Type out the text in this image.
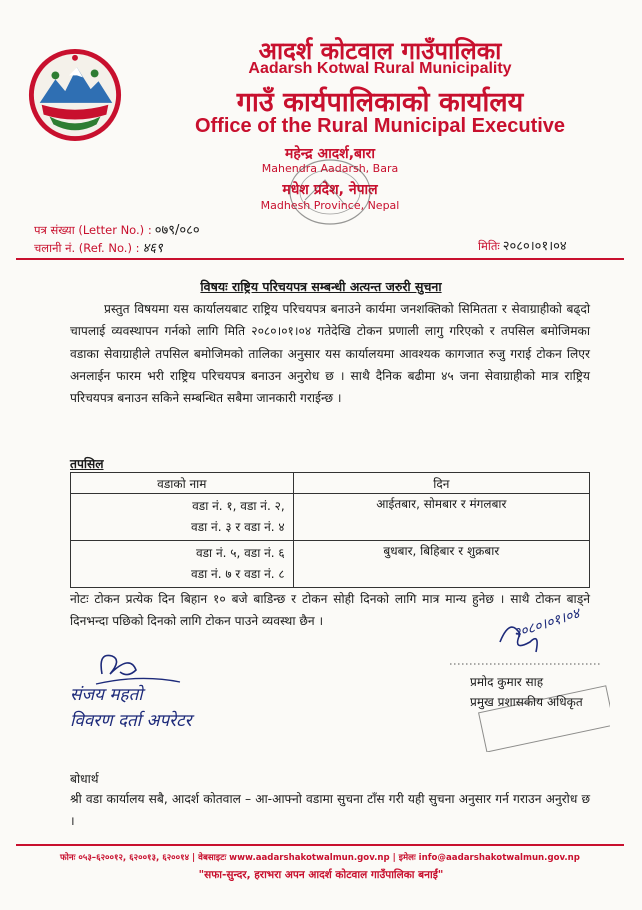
आदर्श कोटवाल गाउँपालिका
Aadarsh Kotwal Rural Municipality
गाउँ कार्यपालिकाको कार्यालय
Office of the Rural Municipal Executive
महेन्द्र आदर्श,बारा
Mahendra Aadarsh, Bara
मधेश प्रदेश, नेपाल
Madhesh Province, Nepal
पत्र संख्या (Letter No.) : ०७९/०८०
चलानी नं. (Ref. No.) : ४६९	मितिः २०८०।०१।०४
विषयः राष्ट्रिय परिचयपत्र सम्बन्धी अत्यन्त जरुरी सुचना
प्रस्तुत विषयमा यस कार्यालयबाट राष्ट्रिय परिचयपत्र बनाउने कार्यमा जनशक्तिको सिमितता र सेवाग्राहीको बढ्दो चापलाई व्यवस्थापन गर्नको लागि मिति २०८०।०१।०४ गतेदेखि टोकन प्रणाली लागु गरिएको र तपसिल बमोजिमका वडाका सेवाग्राहीले तपसिल बमोजिमको तालिका अनुसार यस कार्यालयमा आवश्यक कागजात रुजु गराई टोकन लिएर अनलाईन फारम भरी राष्ट्रिय परिचयपत्र बनाउन अनुरोध छ । साथै दैनिक बढीमा ४५ जना सेवाग्राहीको मात्र राष्ट्रिय परिचयपत्र बनाउन सकिने सम्बन्धित सबैमा जानकारी गराईन्छ ।
तपसिल
वडाको नाम	दिन

वडा नं. १, वडा नं. २,
वडा नं. ३ र वडा नं. ४	आईतबार, सोमबार र मंगलबार

वडा नं. ५, वडा नं. ६
वडा नं. ७ र वडा नं. ८	बुधबार, बिहिबार र शुक्रबार
नोटः टोकन प्रत्येक दिन बिहान १० बजे बाडिन्छ र टोकन सोही दिनको लागि मात्र मान्य हुनेछ । साथै टोकन बाड्ने दिनभन्दा पछिको दिनको लागि टोकन पाउने व्यवस्था छैन ।
संजय महतो
विवरण दर्ता अपरेटर
२०८०।०१।०४
प्रमोद कुमार साह
प्रमुख प्रशासकीय अधिकृत
बोधार्थ
श्री वडा कार्यालय सबै, आदर्श कोतवाल – आ-आफ्नो वडामा सुचना टाँस गरी यही सुचना अनुसार गर्न गराउन अनुरोध छ ।
फोनः ०५३–६२००१२, ६२००१३, ६२००१४ | वेबसाइटः www.aadarshakotwalmun.gov.np | इमेलः info@aadarshakotwalmun.gov.np
"सफा-सुन्दर, हराभरा अपन आदर्श कोटवाल गाउँपालिका बनाईं"
